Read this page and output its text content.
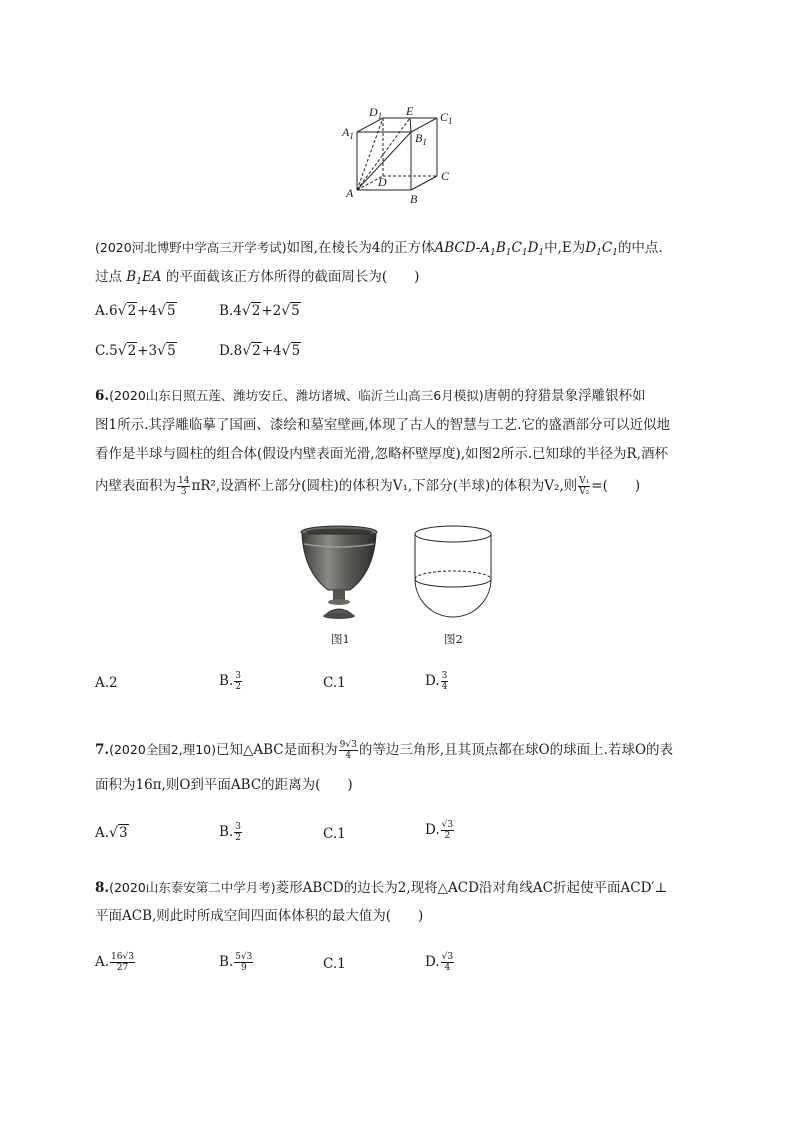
$D_1$ E $C_1$
$A_1$	$B_1$
D	C
A	B
(2020河北博野中学高三开学考试)如图,在棱长为4的正方体ABCD-$A_1B_1C_1D_1$中,E为$D_1C_1$的中点.
过点 $B_1EA$ 的平面截该正方体所得的截面周长为(　　)
A.6√2+4√5	B.4√2+2√5
C.5√2+3√5	D.8√2+4√5
6.(2020山东日照五莲、潍坊安丘、潍坊诸城、临沂兰山高三6月模拟)唐朝的狩猎景象浮雕银杯如
图1所示.其浮雕临摹了国画、漆绘和墓室壁画,体现了古人的智慧与工艺.它的盛酒部分可以近似地
看作是半球与圆柱的组合体(假设内壁表面光滑,忽略杯壁厚度),如图2所示.已知球的半径为R,酒杯
内壁表面积为 $\frac{14}{3} \pi R^2$,设酒杯上部分(圆柱)的体积为V₁,下部分(半球)的体积为V₂,则 $\frac{\text{V₁}}{\text{V₂}}$ =(　　)
图1	图2
A.2	B. $\frac{3}{2}$	C.1	D. $\frac{3}{4}$
7.(2020全国2,理10)已知△ABC是面积为 $\frac{9√3}{4}$ 的等边三角形,且其顶点都在球O的球面上.若球O的表
面积为16π,则O到平面ABC的距离为(　　)
A.√3	B. $\frac{3}{2}$	C.1	D. $\frac{√3}{2}$
8.(2020山东泰安第二中学月考)菱形ABCD的边长为2,现将△ACD沿对角线AC折起使平面ACD′⊥
平面ACB,则此时所成空间四面体体积的最大值为(　　)
A. $\frac{16√3}{27}$	B. $\frac{5√3}{9}$	C.1	D. $\frac{√3}{4}$
